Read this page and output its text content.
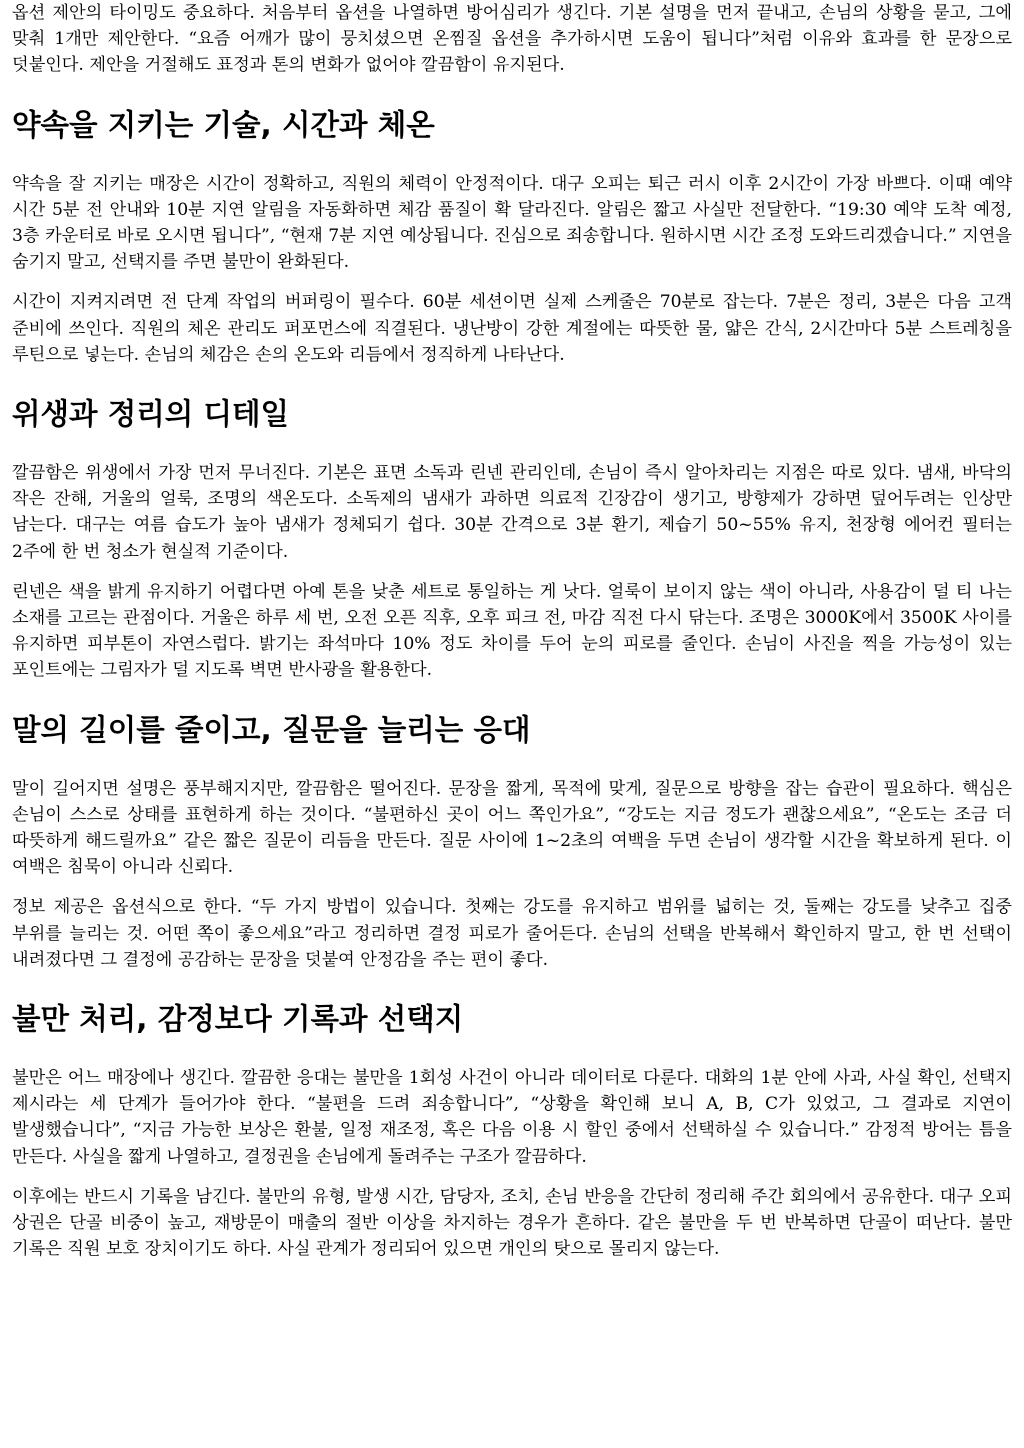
옵션 제안의 타이밍도 중요하다. 처음부터 옵션을 나열하면 방어심리가 생긴다. 기본 설명을 먼저 끝내고, 손님의 상황을 묻고, 그에 맞춰 1개만 제안한다. “요즘 어깨가 많이 뭉치셨으면 온찜질 옵션을 추가하시면 도움이 됩니다”처럼 이유와 효과를 한 문장으로 덧붙인다. 제안을 거절해도 표정과 톤의 변화가 없어야 깔끔함이 유지된다.

약속을 지키는 기술, 시간과 체온

약속을 잘 지키는 매장은 시간이 정확하고, 직원의 체력이 안정적이다. 대구 오피는 퇴근 러시 이후 2시간이 가장 바쁘다. 이때 예약 시간 5분 전 안내와 10분 지연 알림을 자동화하면 체감 품질이 확 달라진다. 알림은 짧고 사실만 전달한다. “19:30 예약 도착 예정, 3층 카운터로 바로 오시면 됩니다”, “현재 7분 지연 예상됩니다. 진심으로 죄송합니다. 원하시면 시간 조정 도와드리겠습니다.” 지연을 숨기지 말고, 선택지를 주면 불만이 완화된다.

시간이 지켜지려면 전 단계 작업의 버퍼링이 필수다. 60분 세션이면 실제 스케줄은 70분로 잡는다. 7분은 정리, 3분은 다음 고객 준비에 쓰인다. 직원의 체온 관리도 퍼포먼스에 직결된다. 냉난방이 강한 계절에는 따뜻한 물, 얇은 간식, 2시간마다 5분 스트레칭을 루틴으로 넣는다. 손님의 체감은 손의 온도와 리듬에서 정직하게 나타난다.

위생과 정리의 디테일

깔끔함은 위생에서 가장 먼저 무너진다. 기본은 표면 소독과 린넨 관리인데, 손님이 즉시 알아차리는 지점은 따로 있다. 냄새, 바닥의 작은 잔해, 거울의 얼룩, 조명의 색온도다. 소독제의 냄새가 과하면 의료적 긴장감이 생기고, 방향제가 강하면 덮어두려는 인상만 남는다. 대구는 여름 습도가 높아 냄새가 정체되기 쉽다. 30분 간격으로 3분 환기, 제습기 50~55% 유지, 천장형 에어컨 필터는 2주에 한 번 청소가 현실적 기준이다.

린넨은 색을 밝게 유지하기 어렵다면 아예 톤을 낮춘 세트로 통일하는 게 낫다. 얼룩이 보이지 않는 색이 아니라, 사용감이 덜 티 나는 소재를 고르는 관점이다. 거울은 하루 세 번, 오전 오픈 직후, 오후 피크 전, 마감 직전 다시 닦는다. 조명은 3000K에서 3500K 사이를 유지하면 피부톤이 자연스럽다. 밝기는 좌석마다 10% 정도 차이를 두어 눈의 피로를 줄인다. 손님이 사진을 찍을 가능성이 있는 포인트에는 그림자가 덜 지도록 벽면 반사광을 활용한다.

말의 길이를 줄이고, 질문을 늘리는 응대

말이 길어지면 설명은 풍부해지지만, 깔끔함은 떨어진다. 문장을 짧게, 목적에 맞게, 질문으로 방향을 잡는 습관이 필요하다. 핵심은 손님이 스스로 상태를 표현하게 하는 것이다. “불편하신 곳이 어느 쪽인가요”, “강도는 지금 정도가 괜찮으세요”, “온도는 조금 더 따뜻하게 해드릴까요” 같은 짧은 질문이 리듬을 만든다. 질문 사이에 1~2초의 여백을 두면 손님이 생각할 시간을 확보하게 된다. 이 여백은 침묵이 아니라 신뢰다.

정보 제공은 옵션식으로 한다. “두 가지 방법이 있습니다. 첫째는 강도를 유지하고 범위를 넓히는 것, 둘째는 강도를 낮추고 집중 부위를 늘리는 것. 어떤 쪽이 좋으세요”라고 정리하면 결정 피로가 줄어든다. 손님의 선택을 반복해서 확인하지 말고, 한 번 선택이 내려졌다면 그 결정에 공감하는 문장을 덧붙여 안정감을 주는 편이 좋다.

불만 처리, 감정보다 기록과 선택지

불만은 어느 매장에나 생긴다. 깔끔한 응대는 불만을 1회성 사건이 아니라 데이터로 다룬다. 대화의 1분 안에 사과, 사실 확인, 선택지 제시라는 세 단계가 들어가야 한다. “불편을 드려 죄송합니다”, “상황을 확인해 보니 A, B, C가 있었고, 그 결과로 지연이 발생했습니다”, “지금 가능한 보상은 환불, 일정 재조정, 혹은 다음 이용 시 할인 중에서 선택하실 수 있습니다.” 감정적 방어는 틈을 만든다. 사실을 짧게 나열하고, 결정권을 손님에게 돌려주는 구조가 깔끔하다.

이후에는 반드시 기록을 남긴다. 불만의 유형, 발생 시간, 담당자, 조치, 손님 반응을 간단히 정리해 주간 회의에서 공유한다. 대구 오피 상권은 단골 비중이 높고, 재방문이 매출의 절반 이상을 차지하는 경우가 흔하다. 같은 불만을 두 번 반복하면 단골이 떠난다. 불만 기록은 직원 보호 장치이기도 하다. 사실 관계가 정리되어 있으면 개인의 탓으로 몰리지 않는다.
